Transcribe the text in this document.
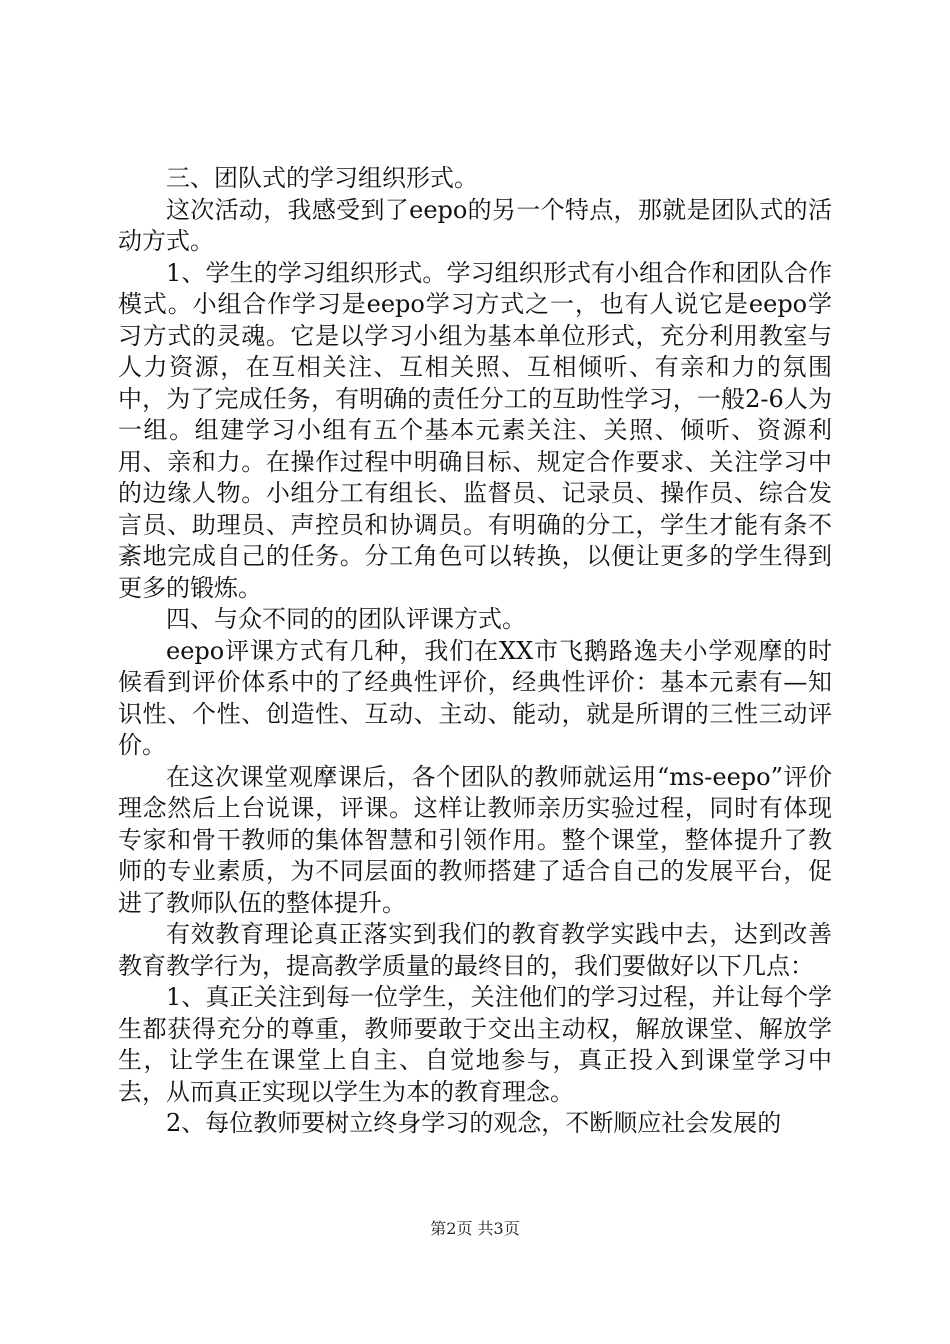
三、团队式的学习组织形式。

这次活动，我感受到了eepo的另一个特点，那就是团队式的活动方式。

1、学生的学习组织形式。学习组织形式有小组合作和团队合作模式。小组合作学习是eepo学习方式之一，也有人说它是eepo学习方式的灵魂。它是以学习小组为基本单位形式，充分利用教室与人力资源，在互相关注、互相关照、互相倾听、有亲和力的氛围中，为了完成任务，有明确的责任分工的互助性学习，一般2-6人为一组。组建学习小组有五个基本元素关注、关照、倾听、资源利用、亲和力。在操作过程中明确目标、规定合作要求、关注学习中的边缘人物。小组分工有组长、监督员、记录员、操作员、综合发言员、助理员、声控员和协调员。有明确的分工，学生才能有条不紊地完成自己的任务。分工角色可以转换，以便让更多的学生得到更多的锻炼。

四、与众不同的的团队评课方式。

eepo评课方式有几种，我们在XX市飞鹅路逸夫小学观摩的时候看到评价体系中的了经典性评价，经典性评价：基本元素有—知识性、个性、创造性、互动、主动、能动，就是所谓的三性三动评价。

在这次课堂观摩课后，各个团队的教师就运用“ms-eepo”评价理念然后上台说课，评课。这样让教师亲历实验过程，同时有体现专家和骨干教师的集体智慧和引领作用。整个课堂，整体提升了教师的专业素质，为不同层面的教师搭建了适合自己的发展平台，促进了教师队伍的整体提升。

有效教育理论真正落实到我们的教育教学实践中去，达到改善教育教学行为，提高教学质量的最终目的，我们要做好以下几点：

1、真正关注到每一位学生，关注他们的学习过程，并让每个学生都获得充分的尊重，教师要敢于交出主动权，解放课堂、解放学生，让学生在课堂上自主、自觉地参与，真正投入到课堂学习中去，从而真正实现以学生为本的教育理念。

2、每位教师要树立终身学习的观念，不断顺应社会发展的

第2页 共3页
